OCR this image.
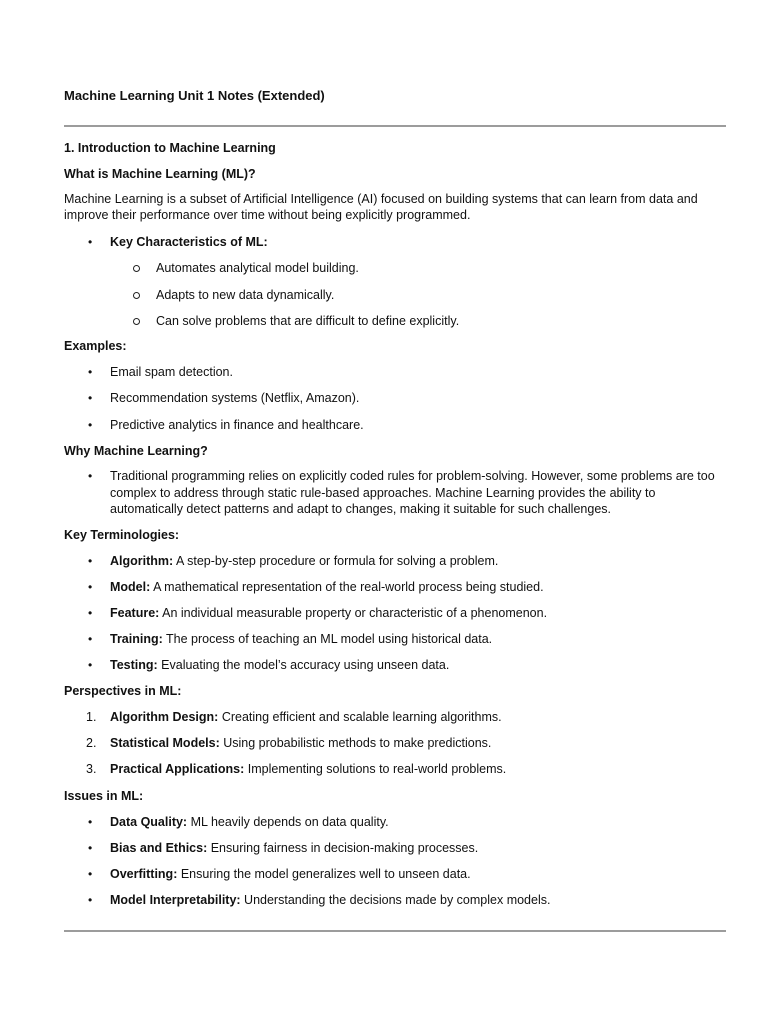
Machine Learning Unit 1 Notes (Extended)
1. Introduction to Machine Learning
What is Machine Learning (ML)?
Machine Learning is a subset of Artificial Intelligence (AI) focused on building systems that can learn from data and improve their performance over time without being explicitly programmed.
• Key Characteristics of ML:
Automates analytical model building.
Adapts to new data dynamically.
Can solve problems that are difficult to define explicitly.
Examples:
• Email spam detection.
• Recommendation systems (Netflix, Amazon).
• Predictive analytics in finance and healthcare.
Why Machine Learning?
• Traditional programming relies on explicitly coded rules for problem-solving. However, some problems are too complex to address through static rule-based approaches. Machine Learning provides the ability to automatically detect patterns and adapt to changes, making it suitable for such challenges.
Key Terminologies:
• Algorithm: A step-by-step procedure or formula for solving a problem.
• Model: A mathematical representation of the real-world process being studied.
• Feature: An individual measurable property or characteristic of a phenomenon.
• Training: The process of teaching an ML model using historical data.
• Testing: Evaluating the model’s accuracy using unseen data.
Perspectives in ML:
1. Algorithm Design: Creating efficient and scalable learning algorithms.
2. Statistical Models: Using probabilistic methods to make predictions.
3. Practical Applications: Implementing solutions to real-world problems.
Issues in ML:
• Data Quality: ML heavily depends on data quality.
• Bias and Ethics: Ensuring fairness in decision-making processes.
• Overfitting: Ensuring the model generalizes well to unseen data.
• Model Interpretability: Understanding the decisions made by complex models.
